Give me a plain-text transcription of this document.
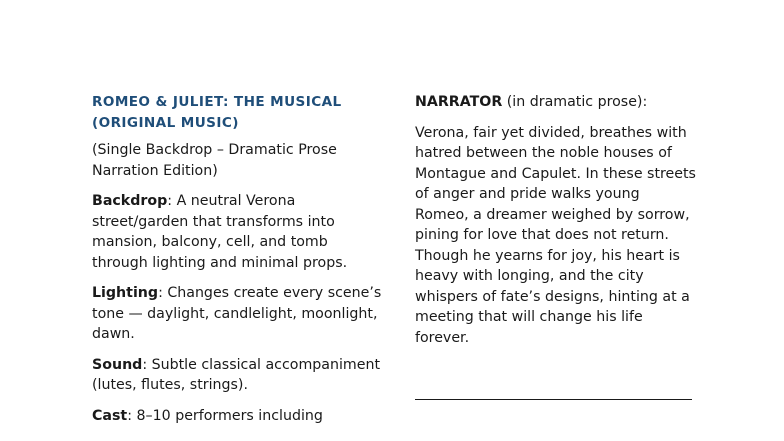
ROMEO & JULIET: THE MUSICAL (ORIGINAL MUSIC)

(Single Backdrop – Dramatic Prose Narration Edition)

Backdrop: A neutral Verona street/garden that transforms into mansion, balcony, cell, and tomb through lighting and minimal props.

Lighting: Changes create every scene’s tone — daylight, candlelight, moonlight, dawn.

Sound: Subtle classical accompaniment (lutes, flutes, strings).

Cast: 8–10 performers including

NARRATOR (in dramatic prose):

Verona, fair yet divided, breathes with hatred between the noble houses of Montague and Capulet. In these streets of anger and pride walks young Romeo, a dreamer weighed by sorrow, pining for love that does not return. Though he yearns for joy, his heart is heavy with longing, and the city whispers of fate’s designs, hinting at a meeting that will change his life forever.
